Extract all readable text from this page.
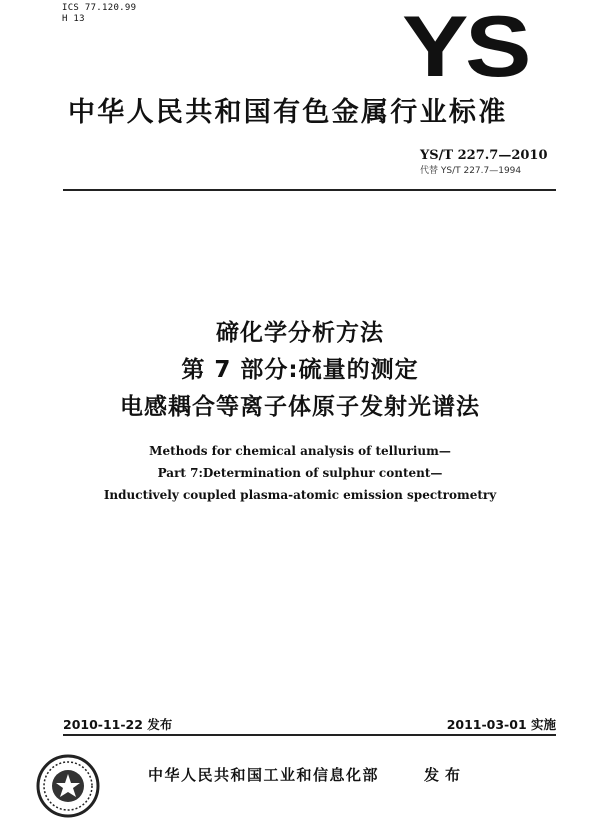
ICS 77.120.99
H 13	YS
中华人民共和国有色金属行业标准
YS/T 227.7—2010
代替 YS/T 227.7—1994
碲化学分析方法
第 7 部分:硫量的测定
电感耦合等离子体原子发射光谱法
Methods for chemical analysis of tellurium—
Part 7:Determination of sulphur content—
Inductively coupled plasma-atomic emission spectrometry
2010-11-22 发布	2011-03-01 实施
中华人民共和国工业和信息化部	发布
